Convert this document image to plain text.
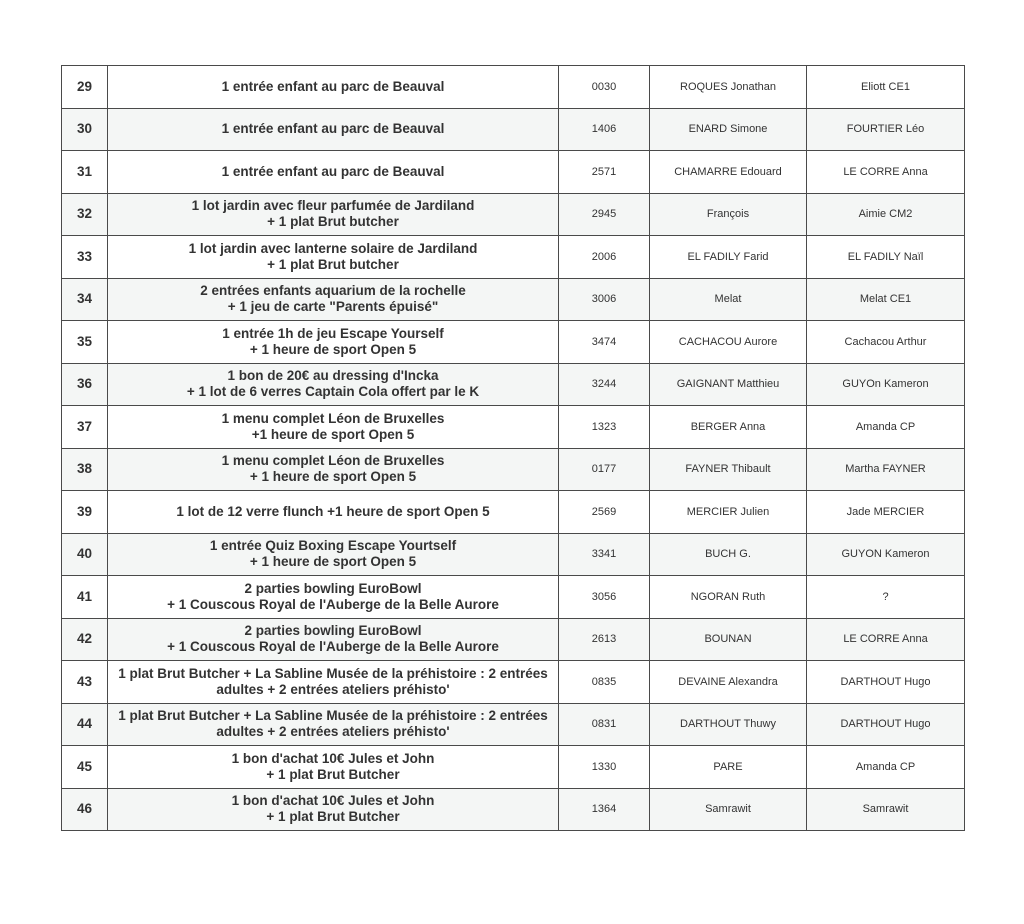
29	1 entrée enfant au parc de Beauval	0030	ROQUES Jonathan	Eliott CE1
30	1 entrée enfant au parc de Beauval	1406	ENARD Simone	FOURTIER Léo
31	1 entrée enfant au parc de Beauval	2571	CHAMARRE Edouard	LE CORRE Anna
32	1 lot jardin avec fleur parfumée de Jardiland
+ 1 plat Brut butcher	2945	François	Aimie CM2
33	1 lot jardin avec lanterne solaire de Jardiland
+ 1 plat Brut butcher	2006	EL FADILY Farid	EL FADILY Naïl
34	2 entrées enfants aquarium de la rochelle
+ 1 jeu de carte "Parents épuisé"	3006	Melat	Melat CE1
35	1 entrée 1h de jeu Escape Yourself
+ 1 heure de sport Open 5	3474	CACHACOU Aurore	Cachacou Arthur
36	1 bon de 20€ au dressing d'Incka
+ 1 lot de 6 verres Captain Cola offert par le K	3244	GAIGNANT Matthieu	GUYOn Kameron
37	1 menu complet Léon de Bruxelles
+1 heure de sport Open 5	1323	BERGER Anna	Amanda CP
38	1 menu complet Léon de Bruxelles
+ 1 heure de sport Open 5	0177	FAYNER Thibault	Martha FAYNER
39	1 lot de 12 verre flunch +1 heure de sport Open 5	2569	MERCIER Julien	Jade MERCIER
40	1 entrée Quiz Boxing Escape Yourtself
+ 1 heure de sport Open 5	3341	BUCH G.	GUYON Kameron
41	2 parties bowling EuroBowl
+ 1 Couscous Royal de l'Auberge de la Belle Aurore	3056	NGORAN Ruth	?
42	2 parties bowling EuroBowl
+ 1 Couscous Royal de l'Auberge de la Belle Aurore	2613	BOUNAN	LE CORRE Anna
43	1 plat Brut Butcher + La Sabline Musée de la préhistoire : 2 entrées
adultes + 2 entrées ateliers préhisto'	0835	DEVAINE Alexandra	DARTHOUT Hugo
44	1 plat Brut Butcher + La Sabline Musée de la préhistoire : 2 entrées
adultes + 2 entrées ateliers préhisto'	0831	DARTHOUT Thuwy	DARTHOUT Hugo
45	1 bon d'achat 10€ Jules et John
+ 1 plat Brut Butcher	1330	PARE	Amanda CP
46	1 bon d'achat 10€ Jules et John
+ 1 plat Brut Butcher	1364	Samrawit	Samrawit
